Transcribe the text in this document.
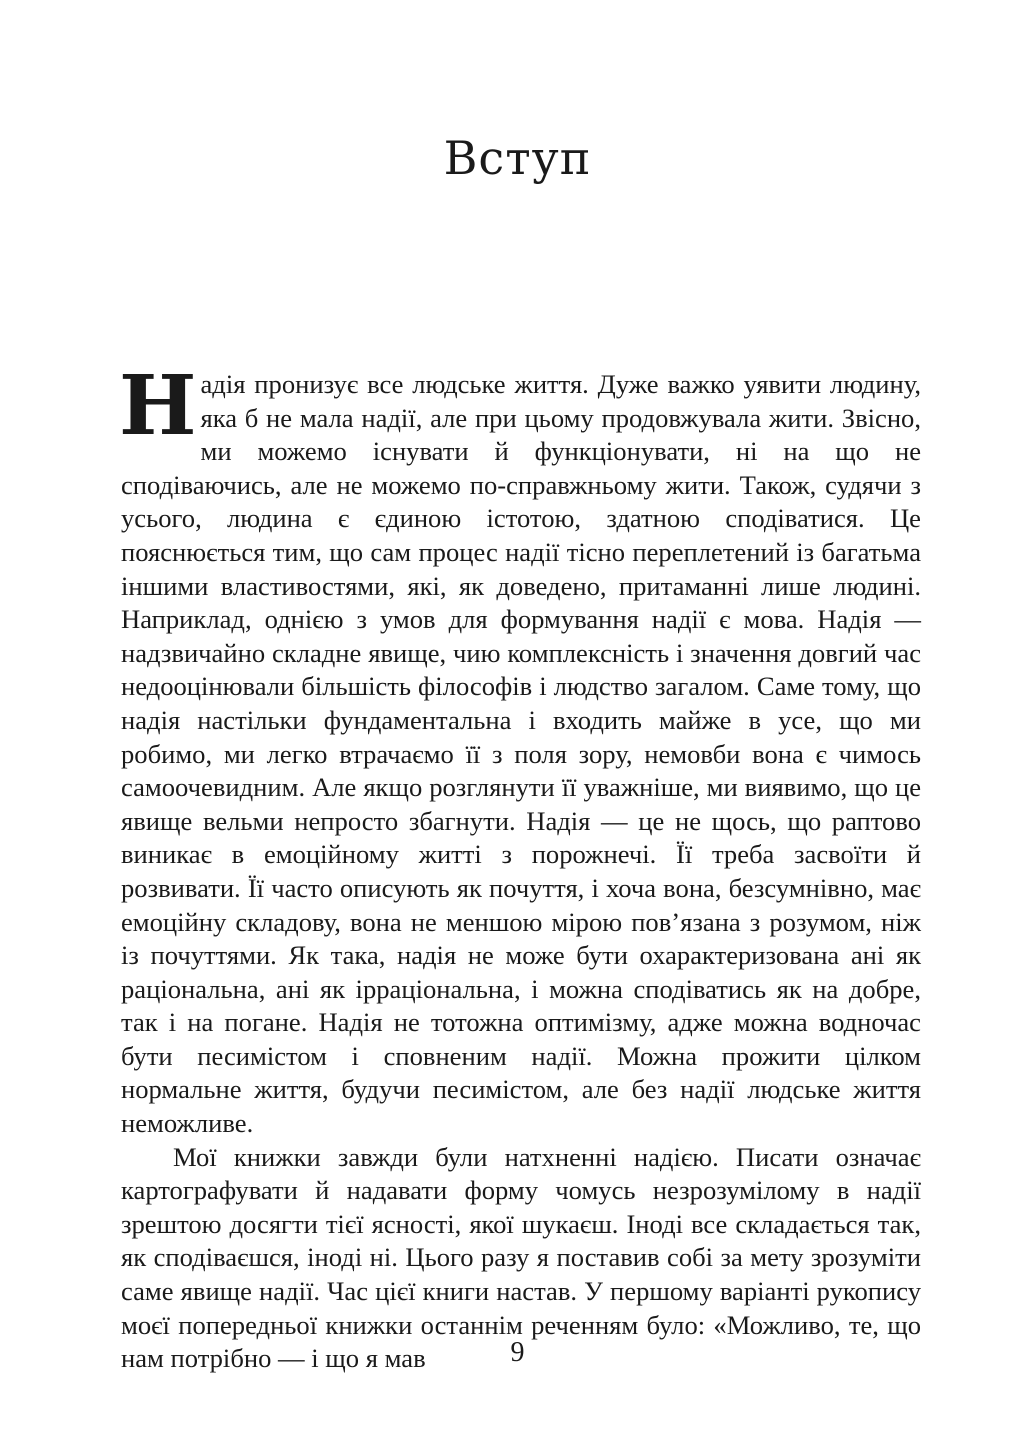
Вступ

Надія пронизує все людське життя. Дуже важко уявити людину, яка б не мала надії, але при цьому продовжувала жити. Звісно, ми можемо існувати й функціонувати, ні на що не сподіваючись, але не можемо по-справжньому жити. Також, судячи з усього, людина є єдиною істотою, здатною сподіватися. Це пояснюється тим, що сам процес надії тісно переплетений із багатьма іншими властивостями, які, як доведено, притаманні лише людині. Наприклад, однією з умов для формування надії є мова. Надія — надзвичайно складне явище, чию комплексність і значення довгий час недооцінювали більшість філософів і людство загалом. Саме тому, що надія настільки фундаментальна і входить майже в усе, що ми робимо, ми легко втрачаємо її з поля зору, немовби вона є чимось самоочевидним. Але якщо розглянути її уважніше, ми виявимо, що це явище вельми непросто збагнути. Надія — це не щось, що раптово виникає в емоційному житті з порожнечі. Її треба засвоїти й розвивати. Її часто описують як почуття, і хоча вона, безсумнівно, має емоційну складову, вона не меншою мірою пов’язана з розумом, ніж із почуттями. Як така, надія не може бути охарактеризована ані як раціональна, ані як ірраціональна, і можна сподіватись як на добре, так і на погане. Надія не тотожна оптимізму, адже можна водночас бути песимістом і сповненим надії. Можна прожити цілком нормальне життя, будучи песимістом, але без надії людське життя неможливе.

Мої книжки завжди були натхненні надією. Писати означає картографувати й надавати форму чомусь незрозумілому в надії зрештою досягти тієї ясності, якої шукаєш. Іноді все складається так, як сподіваєшся, іноді ні. Цього разу я поставив собі за мету зрозуміти саме явище надії. Час цієї книги настав. У першому варіанті рукопису моєї попередньої книжки останнім реченням було: «Можливо, те, що нам потрібно — і що я мав	9
